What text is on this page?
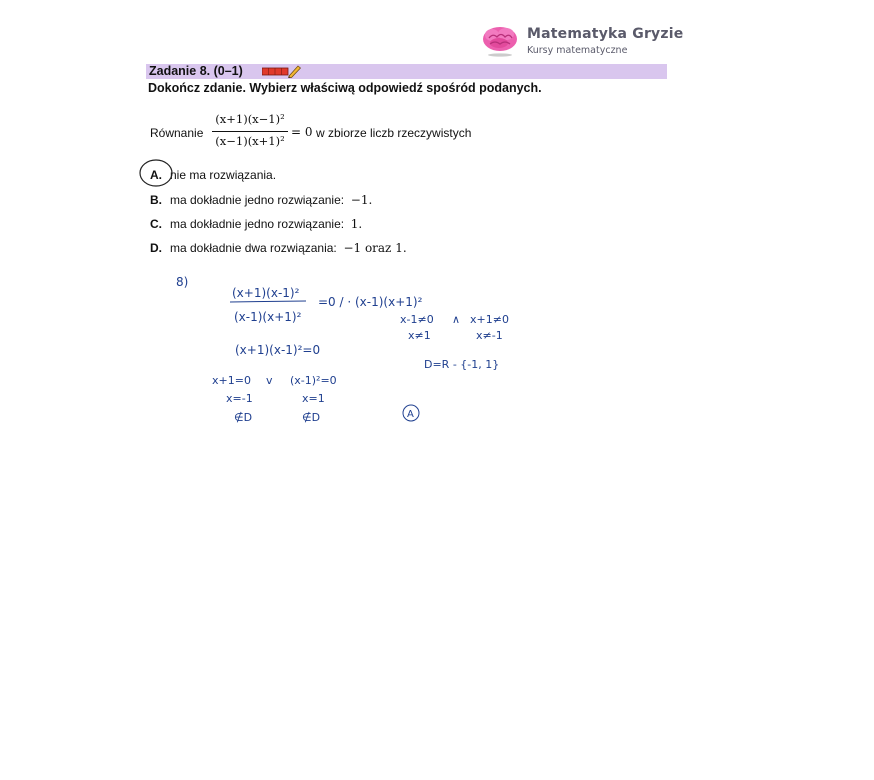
Matematyka Gryzie
Kursy matematyczne
Zadanie 8. (0–1)
Dokończ zdanie. Wybierz właściwą odpowiedź spośród podanych.
Równanie
(x+1)(x−1)²
(x−1)(x+1)²
= 0 w zbiorze liczb rzeczywistych
A. nie ma rozwiązania.
B. ma dokładnie jedno rozwiązanie: −1.
C. ma dokładnie jedno rozwiązanie: 1.
D. ma dokładnie dwa rozwiązania: −1 oraz 1.
8)
(x+1)(x-1)²
(x-1)(x+1)²
=0 / · (x-1)(x+1)²
x-1≠0 ∧ x+1≠0
x≠1	x≠-1
D=R - {-1, 1}
(x+1)(x-1)²=0
x+1=0 v (x-1)²=0
x=-1	x=1
∉D	∉D	A
